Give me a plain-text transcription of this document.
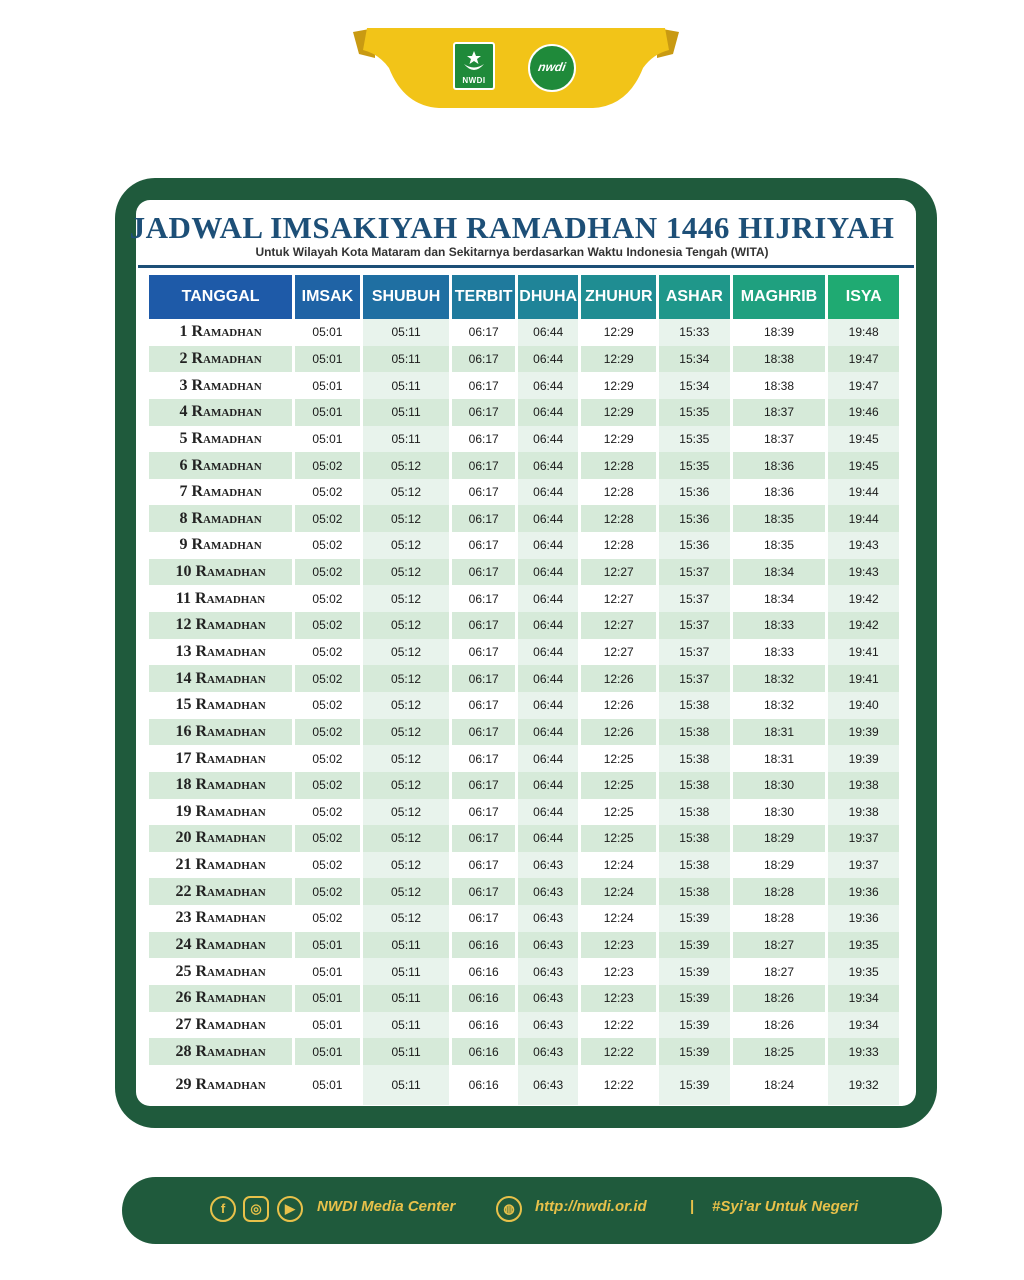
NWDI
nwdi
JADWAL IMSAKIYAH RAMADHAN 1446 HIJRIYAH
Untuk Wilayah Kota Mataram dan Sekitarnya berdasarkan Waktu Indonesia Tengah (WITA)
TANGGAL	IMSAK	SHUBUH	TERBIT	DHUHA	ZHUHUR	ASHAR	MAGHRIB	ISYA
1 Ramadhan	05:01	05:11	06:17	06:44	12:29	15:33	18:39	19:48
2 Ramadhan	05:01	05:11	06:17	06:44	12:29	15:34	18:38	19:47
3 Ramadhan	05:01	05:11	06:17	06:44	12:29	15:34	18:38	19:47
4 Ramadhan	05:01	05:11	06:17	06:44	12:29	15:35	18:37	19:46
5 Ramadhan	05:01	05:11	06:17	06:44	12:29	15:35	18:37	19:45
6 Ramadhan	05:02	05:12	06:17	06:44	12:28	15:35	18:36	19:45
7 Ramadhan	05:02	05:12	06:17	06:44	12:28	15:36	18:36	19:44
8 Ramadhan	05:02	05:12	06:17	06:44	12:28	15:36	18:35	19:44
9 Ramadhan	05:02	05:12	06:17	06:44	12:28	15:36	18:35	19:43
10 Ramadhan	05:02	05:12	06:17	06:44	12:27	15:37	18:34	19:43
11 Ramadhan	05:02	05:12	06:17	06:44	12:27	15:37	18:34	19:42
12 Ramadhan	05:02	05:12	06:17	06:44	12:27	15:37	18:33	19:42
13 Ramadhan	05:02	05:12	06:17	06:44	12:27	15:37	18:33	19:41
14 Ramadhan	05:02	05:12	06:17	06:44	12:26	15:37	18:32	19:41
15 Ramadhan	05:02	05:12	06:17	06:44	12:26	15:38	18:32	19:40
16 Ramadhan	05:02	05:12	06:17	06:44	12:26	15:38	18:31	19:39
17 Ramadhan	05:02	05:12	06:17	06:44	12:25	15:38	18:31	19:39
18 Ramadhan	05:02	05:12	06:17	06:44	12:25	15:38	18:30	19:38
19 Ramadhan	05:02	05:12	06:17	06:44	12:25	15:38	18:30	19:38
20 Ramadhan	05:02	05:12	06:17	06:44	12:25	15:38	18:29	19:37
21 Ramadhan	05:02	05:12	06:17	06:43	12:24	15:38	18:29	19:37
22 Ramadhan	05:02	05:12	06:17	06:43	12:24	15:38	18:28	19:36
23 Ramadhan	05:02	05:12	06:17	06:43	12:24	15:39	18:28	19:36
24 Ramadhan	05:01	05:11	06:16	06:43	12:23	15:39	18:27	19:35
25 Ramadhan	05:01	05:11	06:16	06:43	12:23	15:39	18:27	19:35
26 Ramadhan	05:01	05:11	06:16	06:43	12:23	15:39	18:26	19:34
27 Ramadhan	05:01	05:11	06:16	06:43	12:22	15:39	18:26	19:34
28 Ramadhan	05:01	05:11	06:16	06:43	12:22	15:39	18:25	19:33
29 Ramadhan	05:01	05:11	06:16	06:43	12:22	15:39	18:24	19:32
f	◎	▶	NWDI Media Center	◍	http://nwdi.or.id	| #Syi'ar Untuk Negeri
